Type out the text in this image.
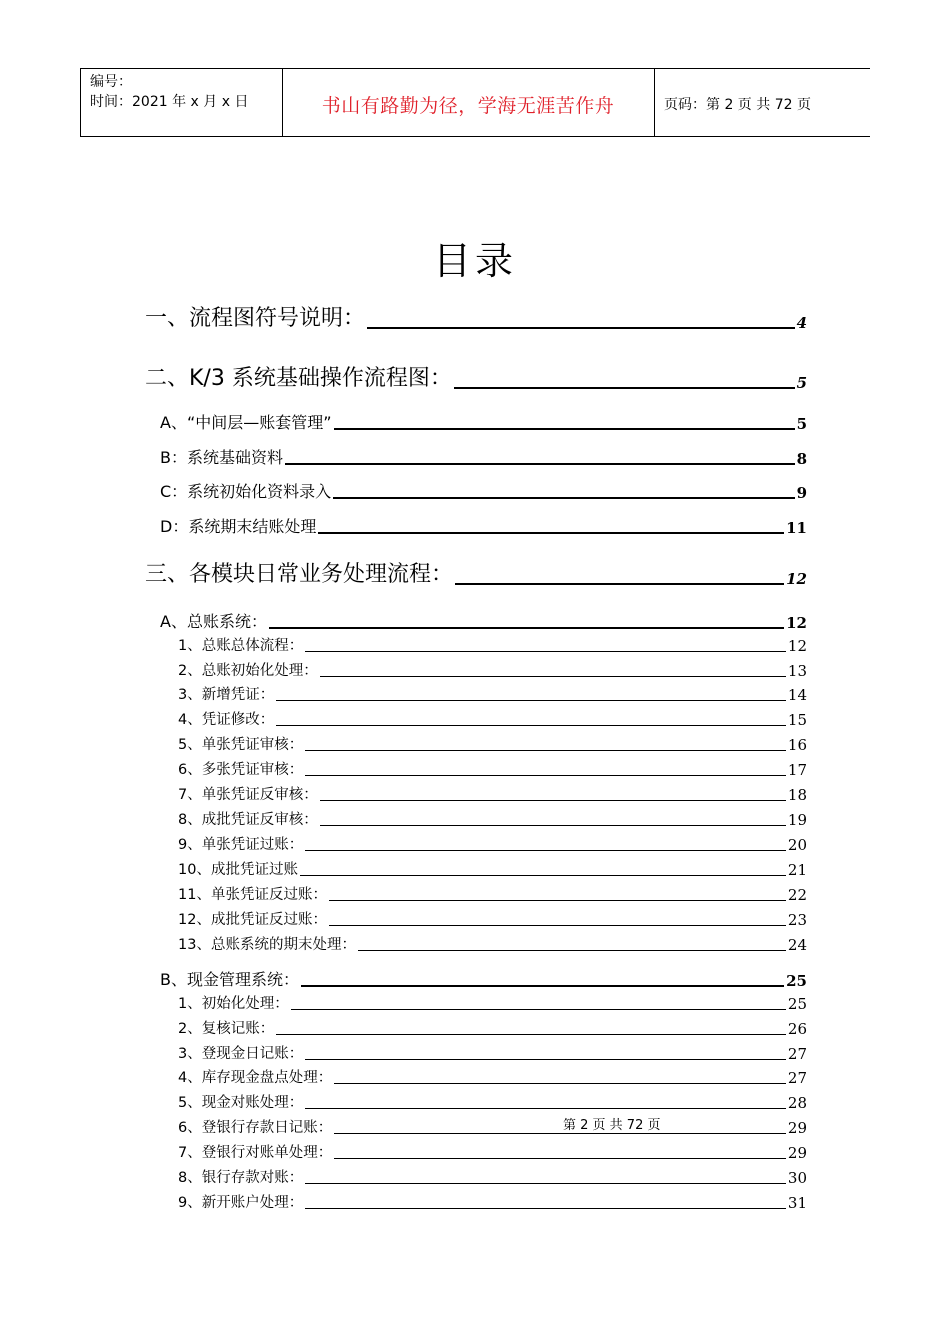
编号：
时间：2021 年 x 月 x 日	书山有路勤为径，学海无涯苦作舟	页码：第 2 页 共 72 页
目录
一、流程图符号说明：	4
二、K/3 系统基础操作流程图：	5
A、“中间层—账套管理”	5
B：系统基础资料	8
C：系统初始化资料录入	9
D：系统期末结账处理	11
三、各模块日常业务处理流程：	12
A、总账系统：	12
1、总账总体流程：	12
2、总账初始化处理：	13
3、新增凭证：	14
4、凭证修改：	15
5、单张凭证审核：	16
6、多张凭证审核：	17
7、单张凭证反审核：	18
8、成批凭证反审核：	19
9、单张凭证过账：	20
10、成批凭证过账	21
11、单张凭证反过账：	22
12、成批凭证反过账：	23
13、总账系统的期末处理：	24
B、现金管理系统：	25
1、初始化处理：	25
2、复核记账：	26
3、登现金日记账：	27
4、库存现金盘点处理：	27
5、现金对账处理：	28
6、登银行存款日记账：	29
7、登银行对账单处理：	29
8、银行存款对账：	30
9、新开账户处理：	31
第 2 页 共 72 页
